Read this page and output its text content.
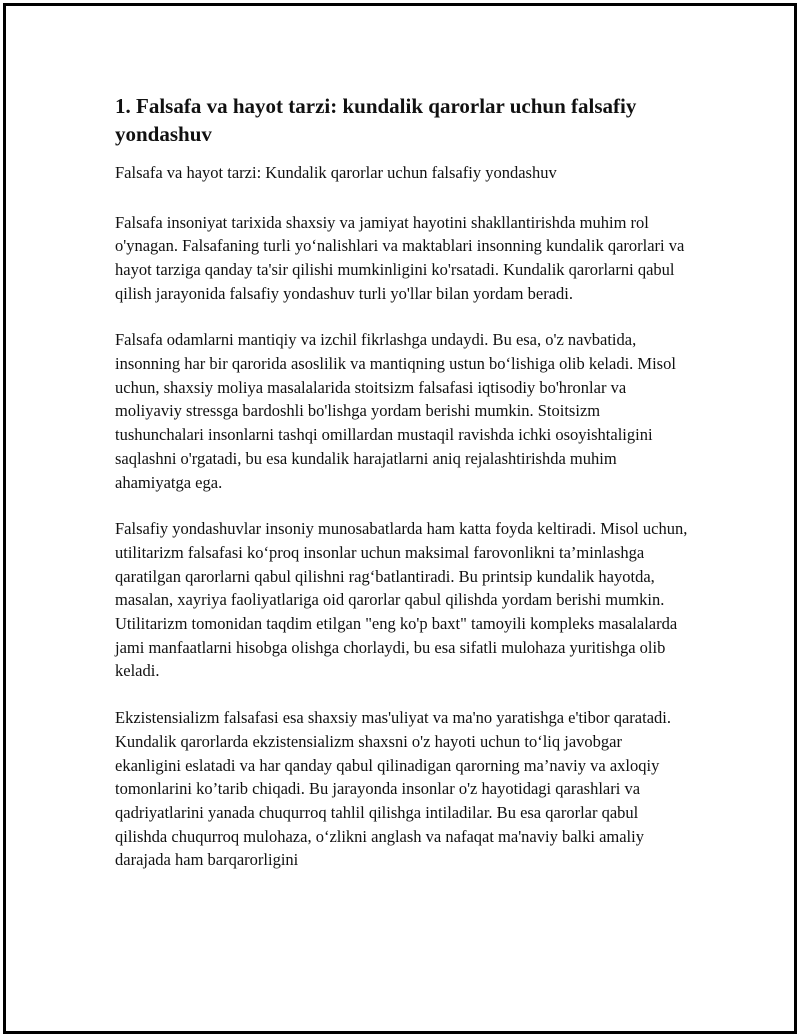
1. Falsafa va hayot tarzi: kundalik qarorlar uchun falsafiy yondashuv

Falsafa va hayot tarzi: Kundalik qarorlar uchun falsafiy yondashuv

Falsafa insoniyat tarixida shaxsiy va jamiyat hayotini shakllantirishda muhim rol o'ynagan. Falsafaning turli yo‘nalishlari va maktablari insonning kundalik qarorlari va hayot tarziga qanday ta'sir qilishi mumkinligini ko'rsatadi. Kundalik qarorlarni qabul qilish jarayonida falsafiy yondashuv turli yo'llar bilan yordam beradi.

Falsafa odamlarni mantiqiy va izchil fikrlashga undaydi. Bu esa, o'z navbatida, insonning har bir qarorida asoslilik va mantiqning ustun bo‘lishiga olib keladi. Misol uchun, shaxsiy moliya masalalarida stoitsizm falsafasi iqtisodiy bo'hronlar va moliyaviy stressga bardoshli bo'lishga yordam berishi mumkin. Stoitsizm tushunchalari insonlarni tashqi omillardan mustaqil ravishda ichki osoyishtaligini saqlashni o'rgatadi, bu esa kundalik harajatlarni aniq rejalashtirishda muhim ahamiyatga ega.

Falsafiy yondashuvlar insoniy munosabatlarda ham katta foyda keltiradi. Misol uchun, utilitarizm falsafasi ko‘proq insonlar uchun maksimal farovonlikni ta’minlashga qaratilgan qarorlarni qabul qilishni rag‘batlantiradi. Bu printsip kundalik hayotda, masalan, xayriya faoliyatlariga oid qarorlar qabul qilishda yordam berishi mumkin. Utilitarizm tomonidan taqdim etilgan "eng ko'p baxt" tamoyili kompleks masalalarda jami manfaatlarni hisobga olishga chorlaydi, bu esa sifatli mulohaza yuritishga olib keladi.

Ekzistensializm falsafasi esa shaxsiy mas'uliyat va ma'no yaratishga e'tibor qaratadi. Kundalik qarorlarda ekzistensializm shaxsni o'z hayoti uchun to‘liq javobgar ekanligini eslatadi va har qanday qabul qilinadigan qarorning ma’naviy va axloqiy tomonlarini ko’tarib chiqadi. Bu jarayonda insonlar o'z hayotidagi qarashlari va qadriyatlarini yanada chuqurroq tahlil qilishga intiladilar. Bu esa qarorlar qabul qilishda chuqurroq mulohaza, o‘zlikni anglash va nafaqat ma'naviy balki amaliy darajada ham barqarorligini
